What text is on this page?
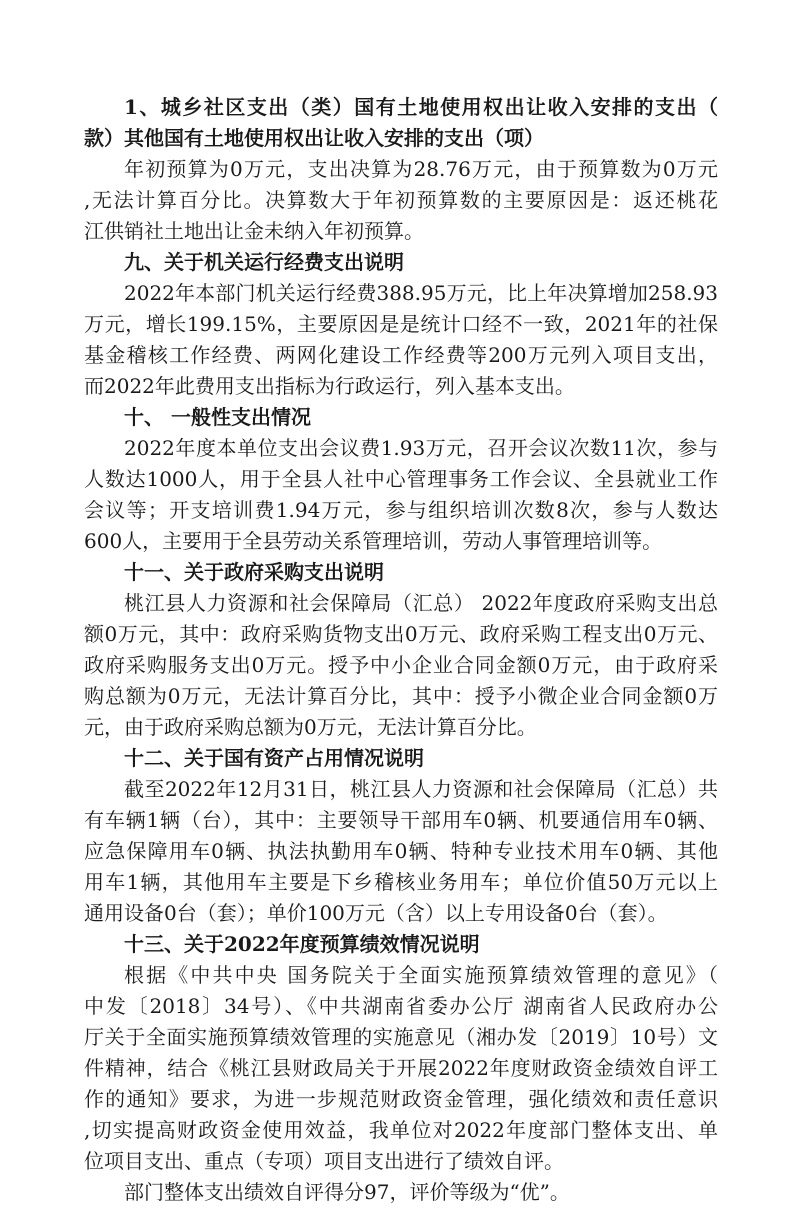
1、城乡社区支出（类）国有土地使用权出让收入安排的支出（
款）其他国有土地使用权出让收入安排的支出（项）
年初预算为0万元，支出决算为28.76万元，由于预算数为0万元
,无法计算百分比。决算数大于年初预算数的主要原因是：返还桃花
江供销社土地出让金未纳入年初预算。
九、关于机关运行经费支出说明
2022年本部门机关运行经费388.95万元，比上年决算增加258.93
万元，增长199.15%，主要原因是是统计口经不一致，2021年的社保
基金稽核工作经费、两网化建设工作经费等200万元列入项目支出，
而2022年此费用支出指标为行政运行，列入基本支出。
十、 一般性支出情况
2022年度本单位支出会议费1.93万元，召开会议次数11次，参与
人数达1000人，用于全县人社中心管理事务工作会议、全县就业工作
会议等；开支培训费1.94万元，参与组织培训次数8次，参与人数达
600人，主要用于全县劳动关系管理培训，劳动人事管理培训等。
十一、关于政府采购支出说明
桃江县人力资源和社会保障局（汇总） 2022年度政府采购支出总
额0万元，其中：政府采购货物支出0万元、政府采购工程支出0万元、
政府采购服务支出0万元。授予中小企业合同金额0万元，由于政府采
购总额为0万元，无法计算百分比，其中：授予小微企业合同金额0万
元，由于政府采购总额为0万元，无法计算百分比。
十二、关于国有资产占用情况说明
截至2022年12月31日，桃江县人力资源和社会保障局（汇总）共
有车辆1辆（台），其中：主要领导干部用车0辆、机要通信用车0辆、
应急保障用车0辆、执法执勤用车0辆、特种专业技术用车0辆、其他
用车1辆，其他用车主要是下乡稽核业务用车；单位价值50万元以上
通用设备0台（套）；单价100万元（含）以上专用设备0台（套）。
十三、关于2022年度预算绩效情况说明
根据《中共中央 国务院关于全面实施预算绩效管理的意见》（
中发〔2018〕34号）、《中共湖南省委办公厅 湖南省人民政府办公
厅关于全面实施预算绩效管理的实施意见（湘办发〔2019〕10号）文
件精神，结合《桃江县财政局关于开展2022年度财政资金绩效自评工
作的通知》要求，为进一步规范财政资金管理，强化绩效和责任意识
,切实提高财政资金使用效益，我单位对2022年度部门整体支出、单
位项目支出、重点（专项）项目支出进行了绩效自评。
部门整体支出绩效自评得分97，评价等级为“优”。
